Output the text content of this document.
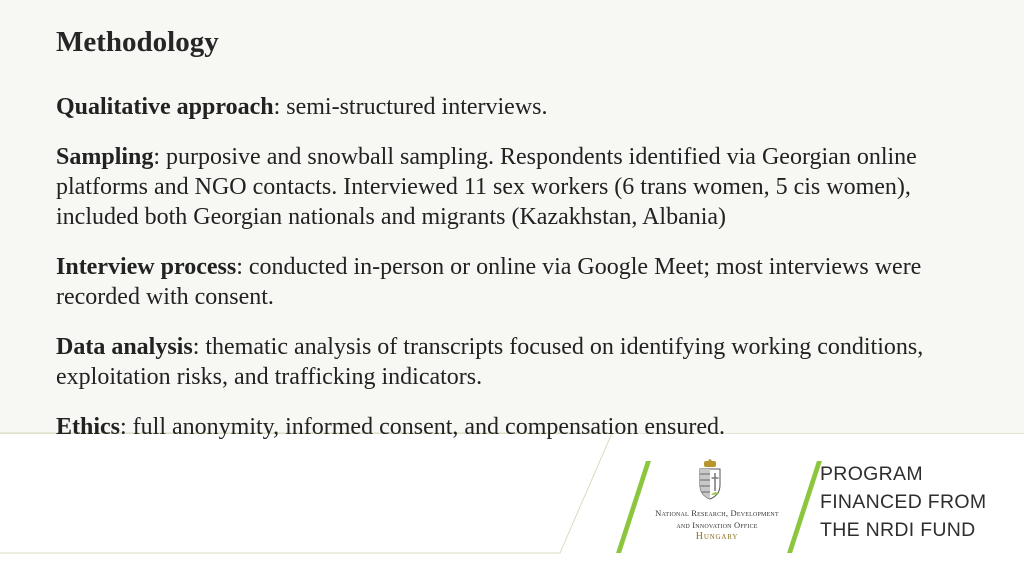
Methodology

Qualitative approach: semi-structured interviews.

Sampling: purposive and snowball sampling. Respondents identified via Georgian online platforms and NGO contacts. Interviewed 11 sex workers (6 trans women, 5 cis women), included both Georgian nationals and migrants (Kazakhstan, Albania)

Interview process: conducted in-person or online via Google Meet; most interviews were recorded with consent.

Data analysis: thematic analysis of transcripts focused on identifying working conditions, exploitation risks, and trafficking indicators.

Ethics: full anonymity, informed consent, and compensation ensured.

National Research, Development
and Innovation Office
Hungary
PROGRAM
FINANCED FROM
THE NRDI FUND
